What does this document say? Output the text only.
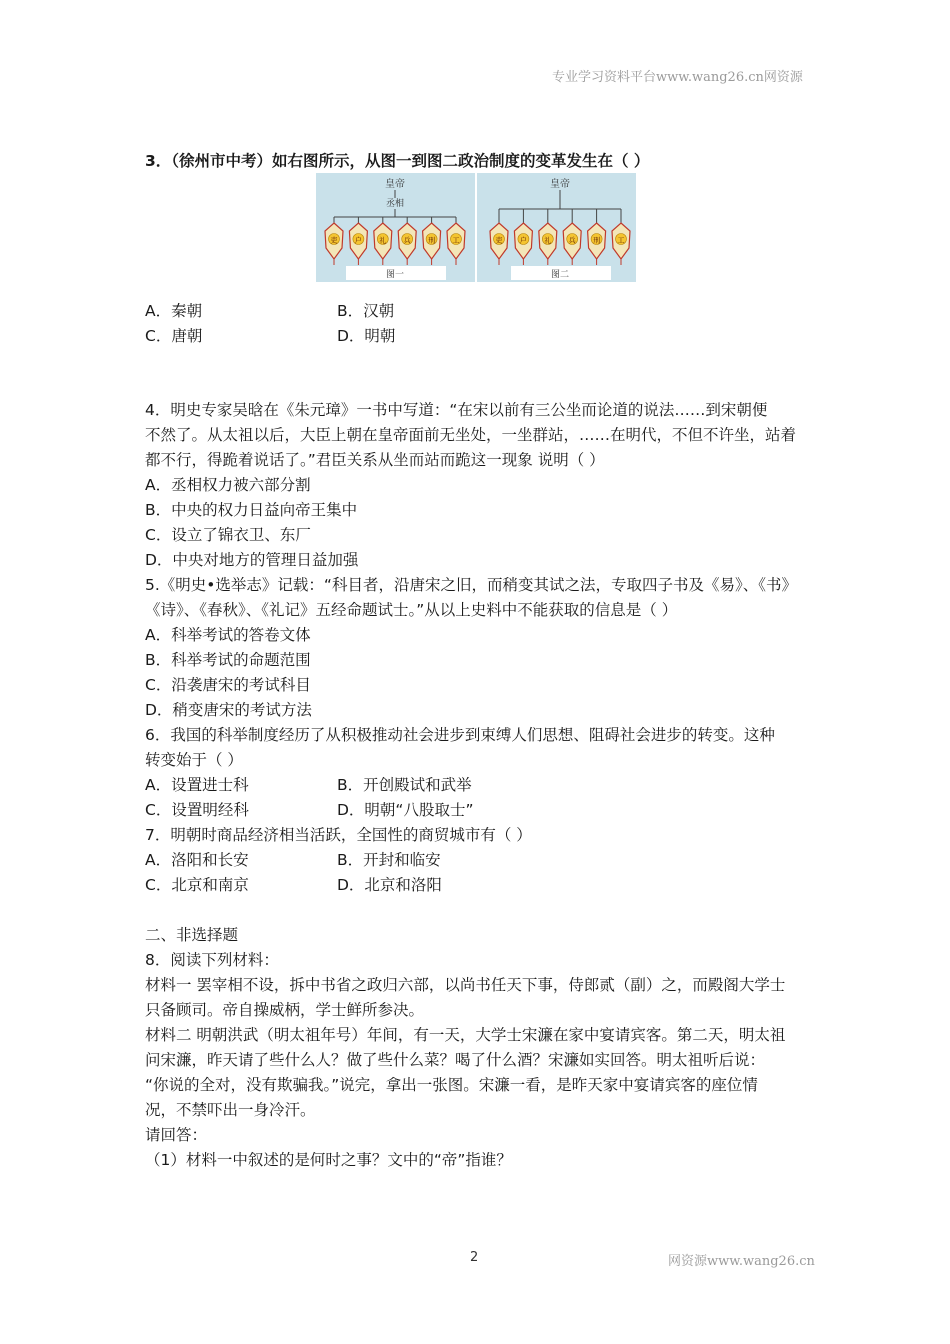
专业学习资料平台www.wang26.cn网资源
3．（徐州市中考）如右图所示，从图一到图二政治制度的变革发生在（ ）
皇帝
丞相
吏 户 礼 兵 刑 工
图一
皇帝
吏 户 礼 兵 刑 工
图二
A．秦朝	B．汉朝
C．唐朝	D．明朝
4．明史专家吴晗在《朱元璋》一书中写道：“在宋以前有三公坐而论道的说法……到宋朝便
不然了。从太祖以后，大臣上朝在皇帝面前无坐处，一坐群站，……在明代，不但不许坐，站着
都不行，得跪着说话了。”君臣关系从坐而站而跪这一现象 说明（ ）
A．丞相权力被六部分割
B．中央的权力日益向帝王集中
C．设立了锦衣卫、东厂
D．中央对地方的管理日益加强
5.《明史•选举志》记载：“科目者，沿唐宋之旧，而稍变其试之法，专取四子书及《易》、《书》
《诗》、《春秋》、《礼记》五经命题试士。”从以上史料中不能获取的信息是（ ）
A．科举考试的答卷文体
B．科举考试的命题范围
C．沿袭唐宋的考试科目
D．稍变唐宋的考试方法
6．我国的科举制度经历了从积极推动社会进步到束缚人们思想、阻碍社会进步的转变。这种
转变始于（ ）
A．设置进士科	B．开创殿试和武举
C．设置明经科	D．明朝“八股取士”
7．明朝时商品经济相当活跃，全国性的商贸城市有（ ）
A．洛阳和长安	B．开封和临安
C．北京和南京	D．北京和洛阳
二、非选择题
8．阅读下列材料：
材料一 罢宰相不设，拆中书省之政归六部，以尚书任天下事，侍郎贰（副）之，而殿阁大学士
只备顾司。帝自操威柄，学士鲜所参决。
材料二 明朝洪武（明太祖年号）年间，有一天，大学士宋濂在家中宴请宾客。第二天，明太祖
问宋濂，昨天请了些什么人？做了些什么菜？喝了什么酒？宋濂如实回答。明太祖听后说：
“你说的全对，没有欺骗我。”说完，拿出一张图。宋濂一看，是昨天家中宴请宾客的座位情
况，不禁吓出一身冷汗。
请回答：
（1）材料一中叙述的是何时之事？文中的“帝”指谁？
2	网资源www.wang26.cn
